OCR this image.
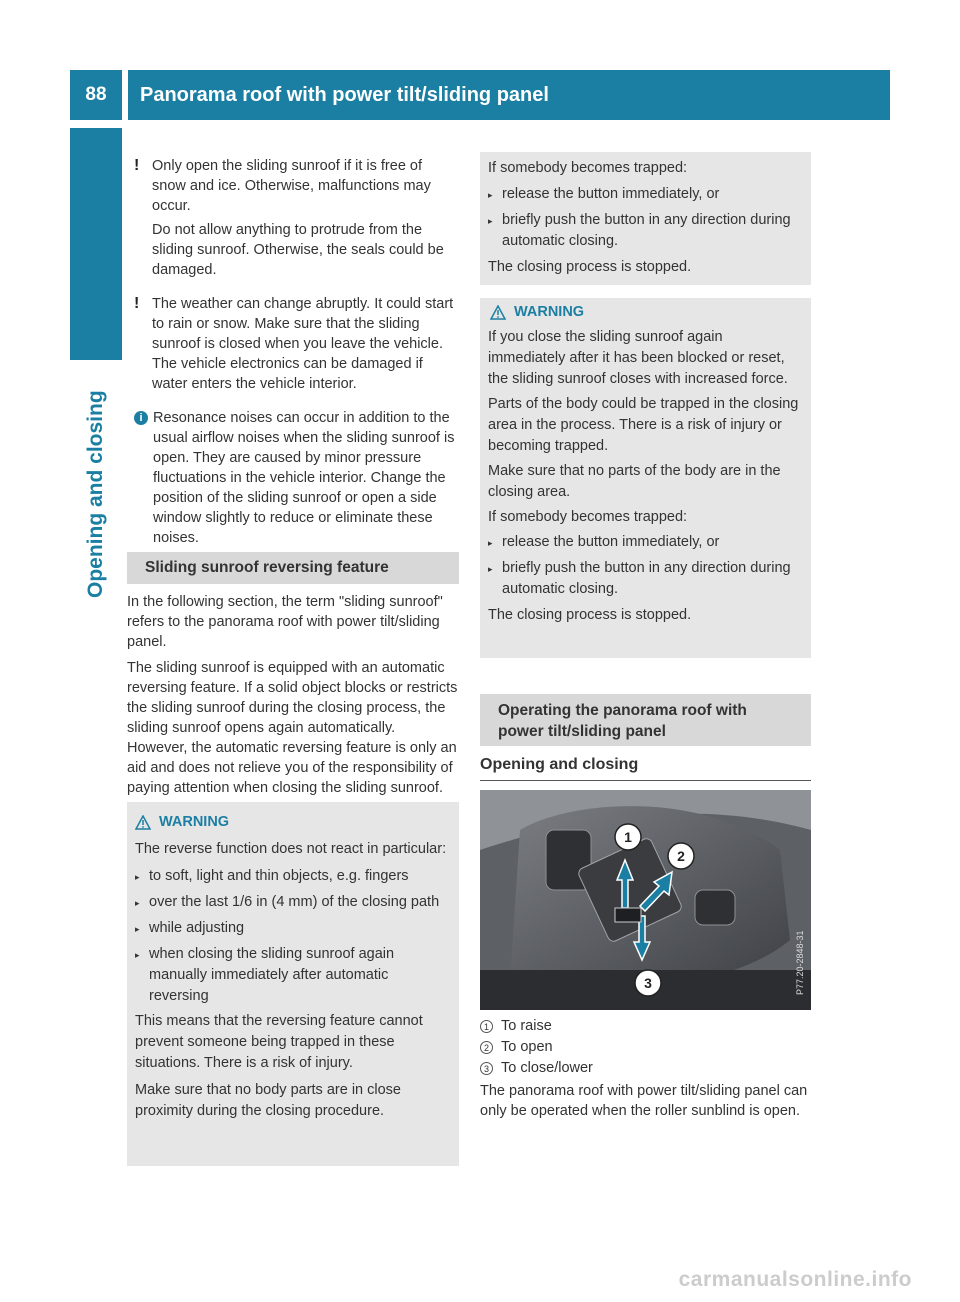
88	Panorama roof with power tilt/sliding panel
Opening and closing
! Only open the sliding sunroof if it is free of snow and ice. Otherwise, malfunctions may occur.

Do not allow anything to protrude from the sliding sunroof. Otherwise, the seals could be damaged.

! The weather can change abruptly. It could start to rain or snow. Make sure that the sliding sunroof is closed when you leave the vehicle. The vehicle electronics can be damaged if water enters the vehicle interior.

i Resonance noises can occur in addition to the usual airflow noises when the sliding sunroof is open. They are caused by minor pressure fluctuations in the vehicle interior. Change the position of the sliding sunroof or open a side window slightly to reduce or eliminate these noises.

Sliding sunroof reversing feature

In the following section, the term "sliding sunroof" refers to the panorama roof with power tilt/sliding panel.

The sliding sunroof is equipped with an automatic reversing feature. If a solid object blocks or restricts the sliding sunroof during the closing process, the sliding sunroof opens again automatically. However, the automatic reversing feature is only an aid and does not relieve you of the responsibility of paying attention when closing the sliding sunroof.

WARNING

The reverse function does not react in particular:

▸ to soft, light and thin objects, e.g. fingers
▸ over the last 1/6 in (4 mm) of the closing path
▸ while adjusting
▸ when closing the sliding sunroof again manually immediately after automatic reversing

This means that the reversing feature cannot prevent someone being trapped in these situations. There is a risk of injury.

Make sure that no body parts are in close proximity during the closing procedure.

If somebody becomes trapped:

▸ release the button immediately, or
▸ briefly push the button in any direction during automatic closing.

The closing process is stopped.

WARNING

If you close the sliding sunroof again immediately after it has been blocked or reset, the sliding sunroof closes with increased force.

Parts of the body could be trapped in the closing area in the process. There is a risk of injury or becoming trapped.

Make sure that no parts of the body are in the closing area.

If somebody becomes trapped:

▸ release the button immediately, or
▸ briefly push the button in any direction during automatic closing.

The closing process is stopped.

Operating the panorama roof with power tilt/sliding panel
Opening and closing
1
2
3	P77.20-2848-31
1 To raise
2 To open
3 To close/lower

The panorama roof with power tilt/sliding panel can only be operated when the roller sunblind is open.

carmanualsonline.info
